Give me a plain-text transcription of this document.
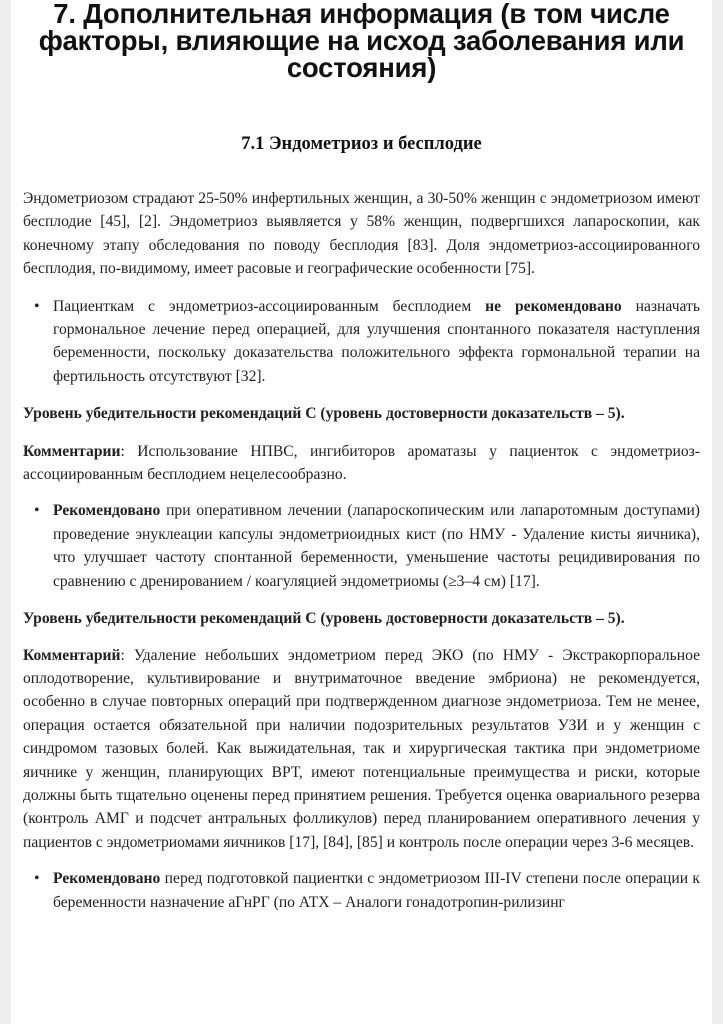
7. Дополнительная информация (в том числе факторы, влияющие на исход заболевания или состояния)
7.1 Эндометриоз и бесплодие

Эндометриозом страдают 25-50% инфертильных женщин, а 30-50% женщин с эндометриозом имеют бесплодие [45], [2]. Эндометриоз выявляется у 58% женщин, подвергшихся лапароскопии, как конечному этапу обследования по поводу бесплодия [83]. Доля эндометриоз-ассоциированного бесплодия, по-видимому, имеет расовые и географические особенности [75].

• Пациенткам с эндометриоз-ассоциированным бесплодием не рекомендовано назначать гормональное лечение перед операцией, для улучшения спонтанного показателя наступления беременности, поскольку доказательства положительного эффекта гормональной терапии на фертильность отсутствуют [32].

Уровень убедительности рекомендаций C (уровень достоверности доказательств – 5).

Комментарии: Использование НПВС, ингибиторов ароматазы у пациенток с эндометриоз-ассоциированным бесплодием нецелесообразно.

• Рекомендовано при оперативном лечении (лапароскопическим или лапаротомным доступами) проведение энуклеации капсулы эндометриоидных кист (по НМУ - Удаление кисты яичника), что улучшает частоту спонтанной беременности, уменьшение частоты рецидивирования по сравнению с дренированием / коагуляцией эндометриомы (≥3–4 см) [17].

Уровень убедительности рекомендаций C (уровень достоверности доказательств – 5).

Комментарий: Удаление небольших эндометриом перед ЭКО (по НМУ - Экстракорпоральное оплодотворение, культивирование и внутриматочное введение эмбриона) не рекомендуется, особенно в случае повторных операций при подтвержденном диагнозе эндометриоза. Тем не менее, операция остается обязательной при наличии подозрительных результатов УЗИ и у женщин с синдромом тазовых болей. Как выжидательная, так и хирургическая тактика при эндометриоме яичнике у женщин, планирующих ВРТ, имеют потенциальные преимущества и риски, которые должны быть тщательно оценены перед принятием решения. Требуется оценка овариального резерва (контроль АМГ и подсчет антральных фолликулов) перед планированием оперативного лечения у пациентов с эндометриомами яичников [17], [84], [85] и контроль после операции через 3-6 месяцев.

• Рекомендовано перед подготовкой пациентки с эндометриозом III-IV степени после операции к беременности назначение аГнРГ (по АТХ – Аналоги гонадотропин-рилизинг
